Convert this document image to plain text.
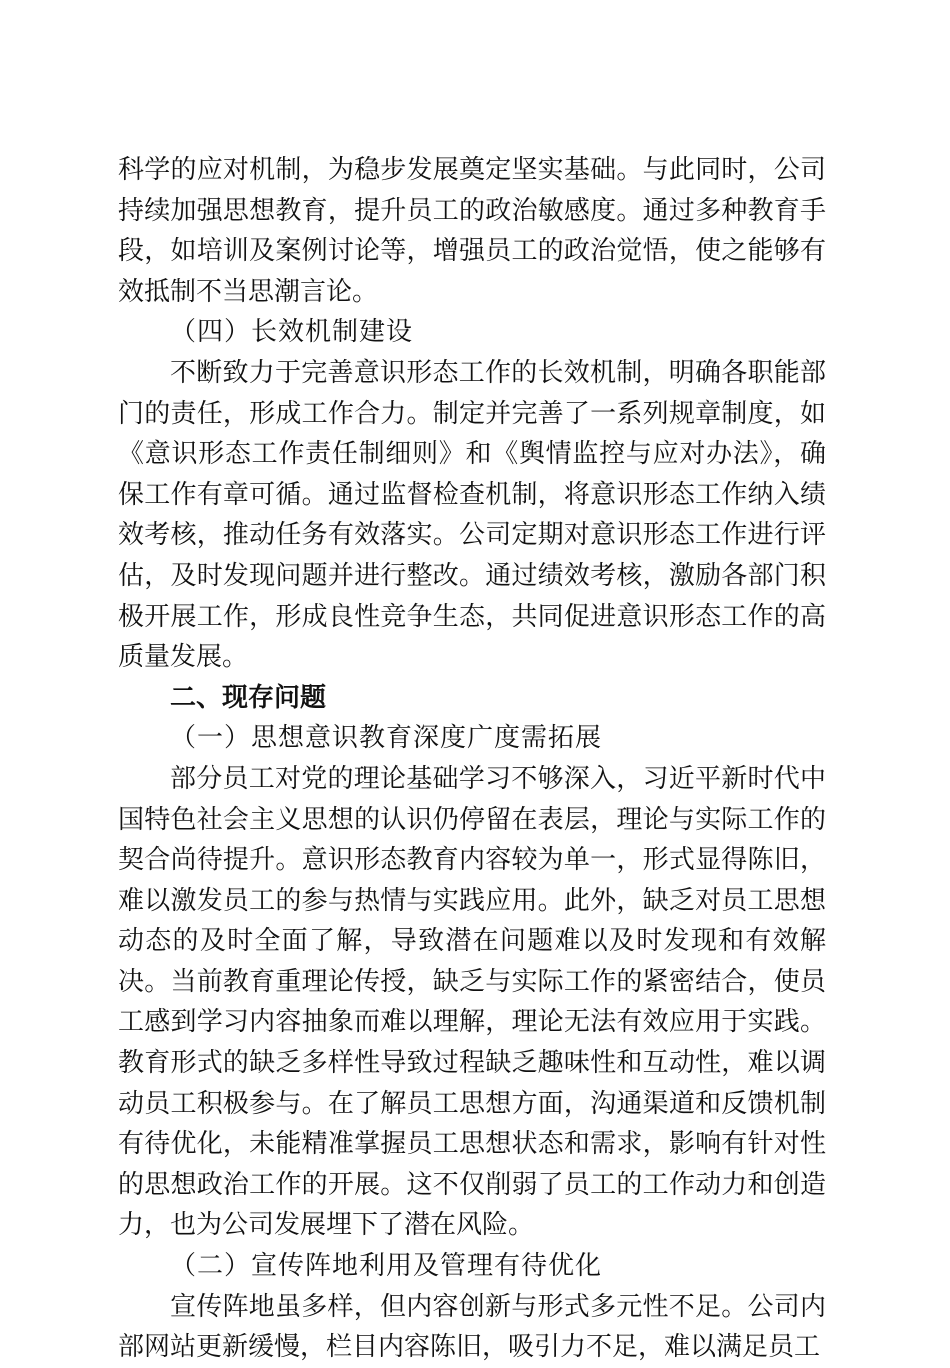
科学的应对机制，为稳步发展奠定坚实基础。与此同时，公司持续加强思想教育，提升员工的政治敏感度。通过多种教育手段，如培训及案例讨论等，增强员工的政治觉悟，使之能够有效抵制不当思潮言论。

（四）长效机制建设

不断致力于完善意识形态工作的长效机制，明确各职能部门的责任，形成工作合力。制定并完善了一系列规章制度，如《意识形态工作责任制细则》和《舆情监控与应对办法》，确保工作有章可循。通过监督检查机制，将意识形态工作纳入绩效考核，推动任务有效落实。公司定期对意识形态工作进行评估，及时发现问题并进行整改。通过绩效考核，激励各部门积极开展工作，形成良性竞争生态，共同促进意识形态工作的高质量发展。

二、现存问题

（一）思想意识教育深度广度需拓展

部分员工对党的理论基础学习不够深入，习近平新时代中国特色社会主义思想的认识仍停留在表层，理论与实际工作的契合尚待提升。意识形态教育内容较为单一，形式显得陈旧，难以激发员工的参与热情与实践应用。此外，缺乏对员工思想动态的及时全面了解，导致潜在问题难以及时发现和有效解决。当前教育重理论传授，缺乏与实际工作的紧密结合，使员工感到学习内容抽象而难以理解，理论无法有效应用于实践。教育形式的缺乏多样性导致过程缺乏趣味性和互动性，难以调动员工积极参与。在了解员工思想方面，沟通渠道和反馈机制有待优化，未能精准掌握员工思想状态和需求，影响有针对性的思想政治工作的开展。这不仅削弱了员工的工作动力和创造力，也为公司发展埋下了潜在风险。

（二）宣传阵地利用及管理有待优化

宣传阵地虽多样，但内容创新与形式多元性不足。公司内部网站更新缓慢，栏目内容陈旧，吸引力不足，难以满足员工
